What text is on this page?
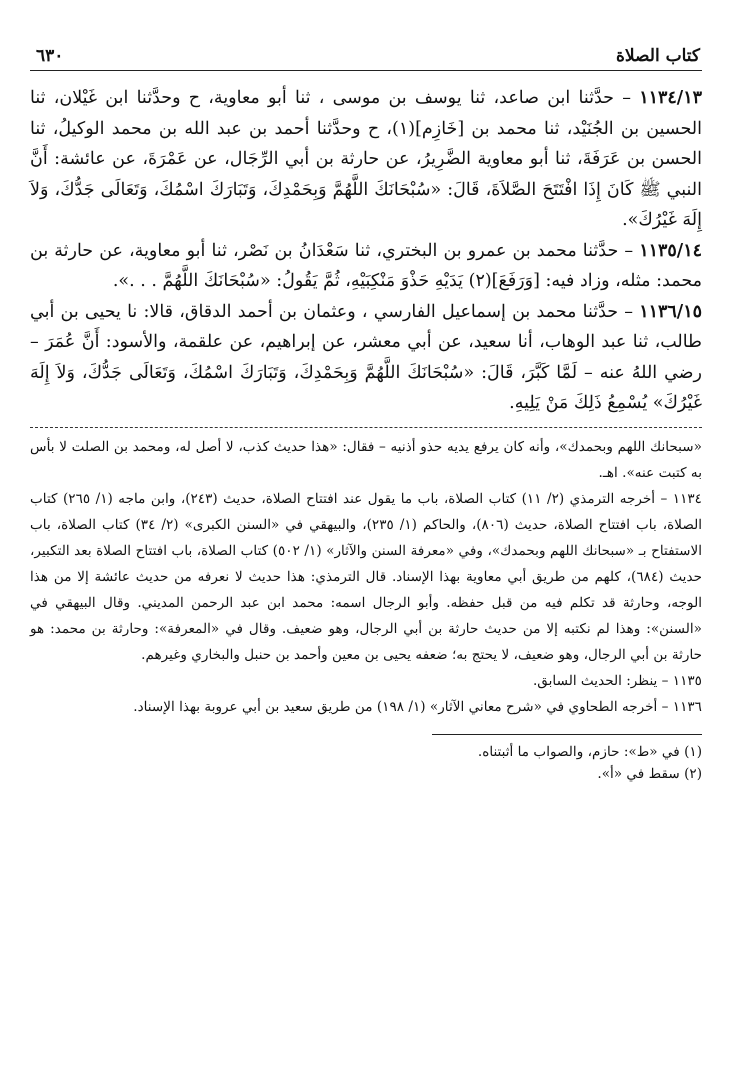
كتاب الصلاة
٦٣٠

١١٣٤/١٣ – حدَّثنا ابن صاعد، ثنا يوسف بن موسى ، ثنا أبو معاوية، ح وحدَّثنا ابن غَيْلان، ثنا الحسين بن الجُنَيْد، ثنا محمد بن [خَازِم](١)، ح وحدَّثنا أحمد بن عبد الله بن محمد الوكيلُ، ثنا الحسن بن عَرَفَةَ، ثنا أبو معاوية الضَّرِيرُ، عن حارثة بن أبي الرِّجَال، عن عَمْرَةَ، عن عائشة: أَنَّ النبي ﷺ كَانَ إِذَا افْتَتَحَ الصَّلاَةَ، قَالَ: «سُبْحَانَكَ اللَّهُمَّ وَبِحَمْدِكَ، وَتَبَارَكَ اسْمُكَ، وَتَعَالَى جَدُّكَ، وَلاَ إِلَهَ غَيْرُكَ».

١١٣٥/١٤ – حدَّثنا محمد بن عمرو بن البختري، ثنا سَعْدَانُ بن نَصْر، ثنا أبو معاوية، عن حارثة بن محمد: مثله، وزاد فيه: [وَرَفَعَ](٢) يَدَيْهِ حَذْوَ مَنْكِبَيْهِ، ثُمَّ يَقُولُ: «سُبْحَانَكَ اللَّهُمَّ . . .».

١١٣٦/١٥ – حدَّثنا محمد بن إسماعيل الفارسي ، وعثمان بن أحمد الدقاق، قالا: نا يحيى بن أبي طالب، ثنا عبد الوهاب، أنا سعيد، عن أبي معشر، عن إبراهيم، عن علقمة، والأسود: أَنَّ عُمَرَ – رضي اللهُ عنه – لَمَّا كَبَّرَ، قَالَ: «سُبْحَانَكَ اللَّهُمَّ وَبِحَمْدِكَ، وَتَبَارَكَ اسْمُكَ، وَتَعَالَى جَدُّكَ، وَلاَ إِلَهَ غَيْرُكَ» يُسْمِعُ ذَلِكَ مَنْ يَلِيهِ.

«سبحانك اللهم وبحمدك»، وأنه كان يرفع يديه حذو أذنيه – فقال: «هذا حديث كذب، لا أصل له، ومحمد بن الصلت لا بأس به كتبت عنه». اهـ.

١١٣٤ – أخرجه الترمذي (٢/ ١١) كتاب الصلاة، باب ما يقول عند افتتاح الصلاة، حديث (٢٤٣)، وابن ماجه (١/ ٢٦٥) كتاب الصلاة، باب افتتاح الصلاة، حديث (٨٠٦)، والحاكم (١/ ٢٣٥)، والبيهقي في «السنن الكبرى» (٢/ ٣٤) كتاب الصلاة، باب الاستفتاح بـ «سبحانك اللهم وبحمدك»، وفي «معرفة السنن والآثار» (١/ ٥٠٢) كتاب الصلاة، باب افتتاح الصلاة بعد التكبير، حديث (٦٨٤)، كلهم من طريق أبي معاوية بهذا الإسناد. قال الترمذي: هذا حديث لا نعرفه من حديث عائشة إلا من هذا الوجه، وحارثة قد تكلم فيه من قبل حفظه. وأبو الرجال اسمه: محمد ابن عبد الرحمن المديني. وقال البيهقي في «السنن»: وهذا لم نكتبه إلا من حديث حارثة بن أبي الرجال، وهو ضعيف. وقال في «المعرفة»: وحارثة بن محمد: هو حارثة بن أبي الرجال، وهو ضعيف، لا يحتج به؛ ضعفه يحيى بن معين وأحمد بن حنبل والبخاري وغيرهم.

١١٣٥ – ينظر: الحديث السابق.

١١٣٦ – أخرجه الطحاوي في «شرح معاني الآثار» (١/ ١٩٨) من طريق سعيد بن أبي عروبة بهذا الإسناد.

(١) في «ط»: حازم، والصواب ما أثبتناه.
(٢) سقط في «أ».
